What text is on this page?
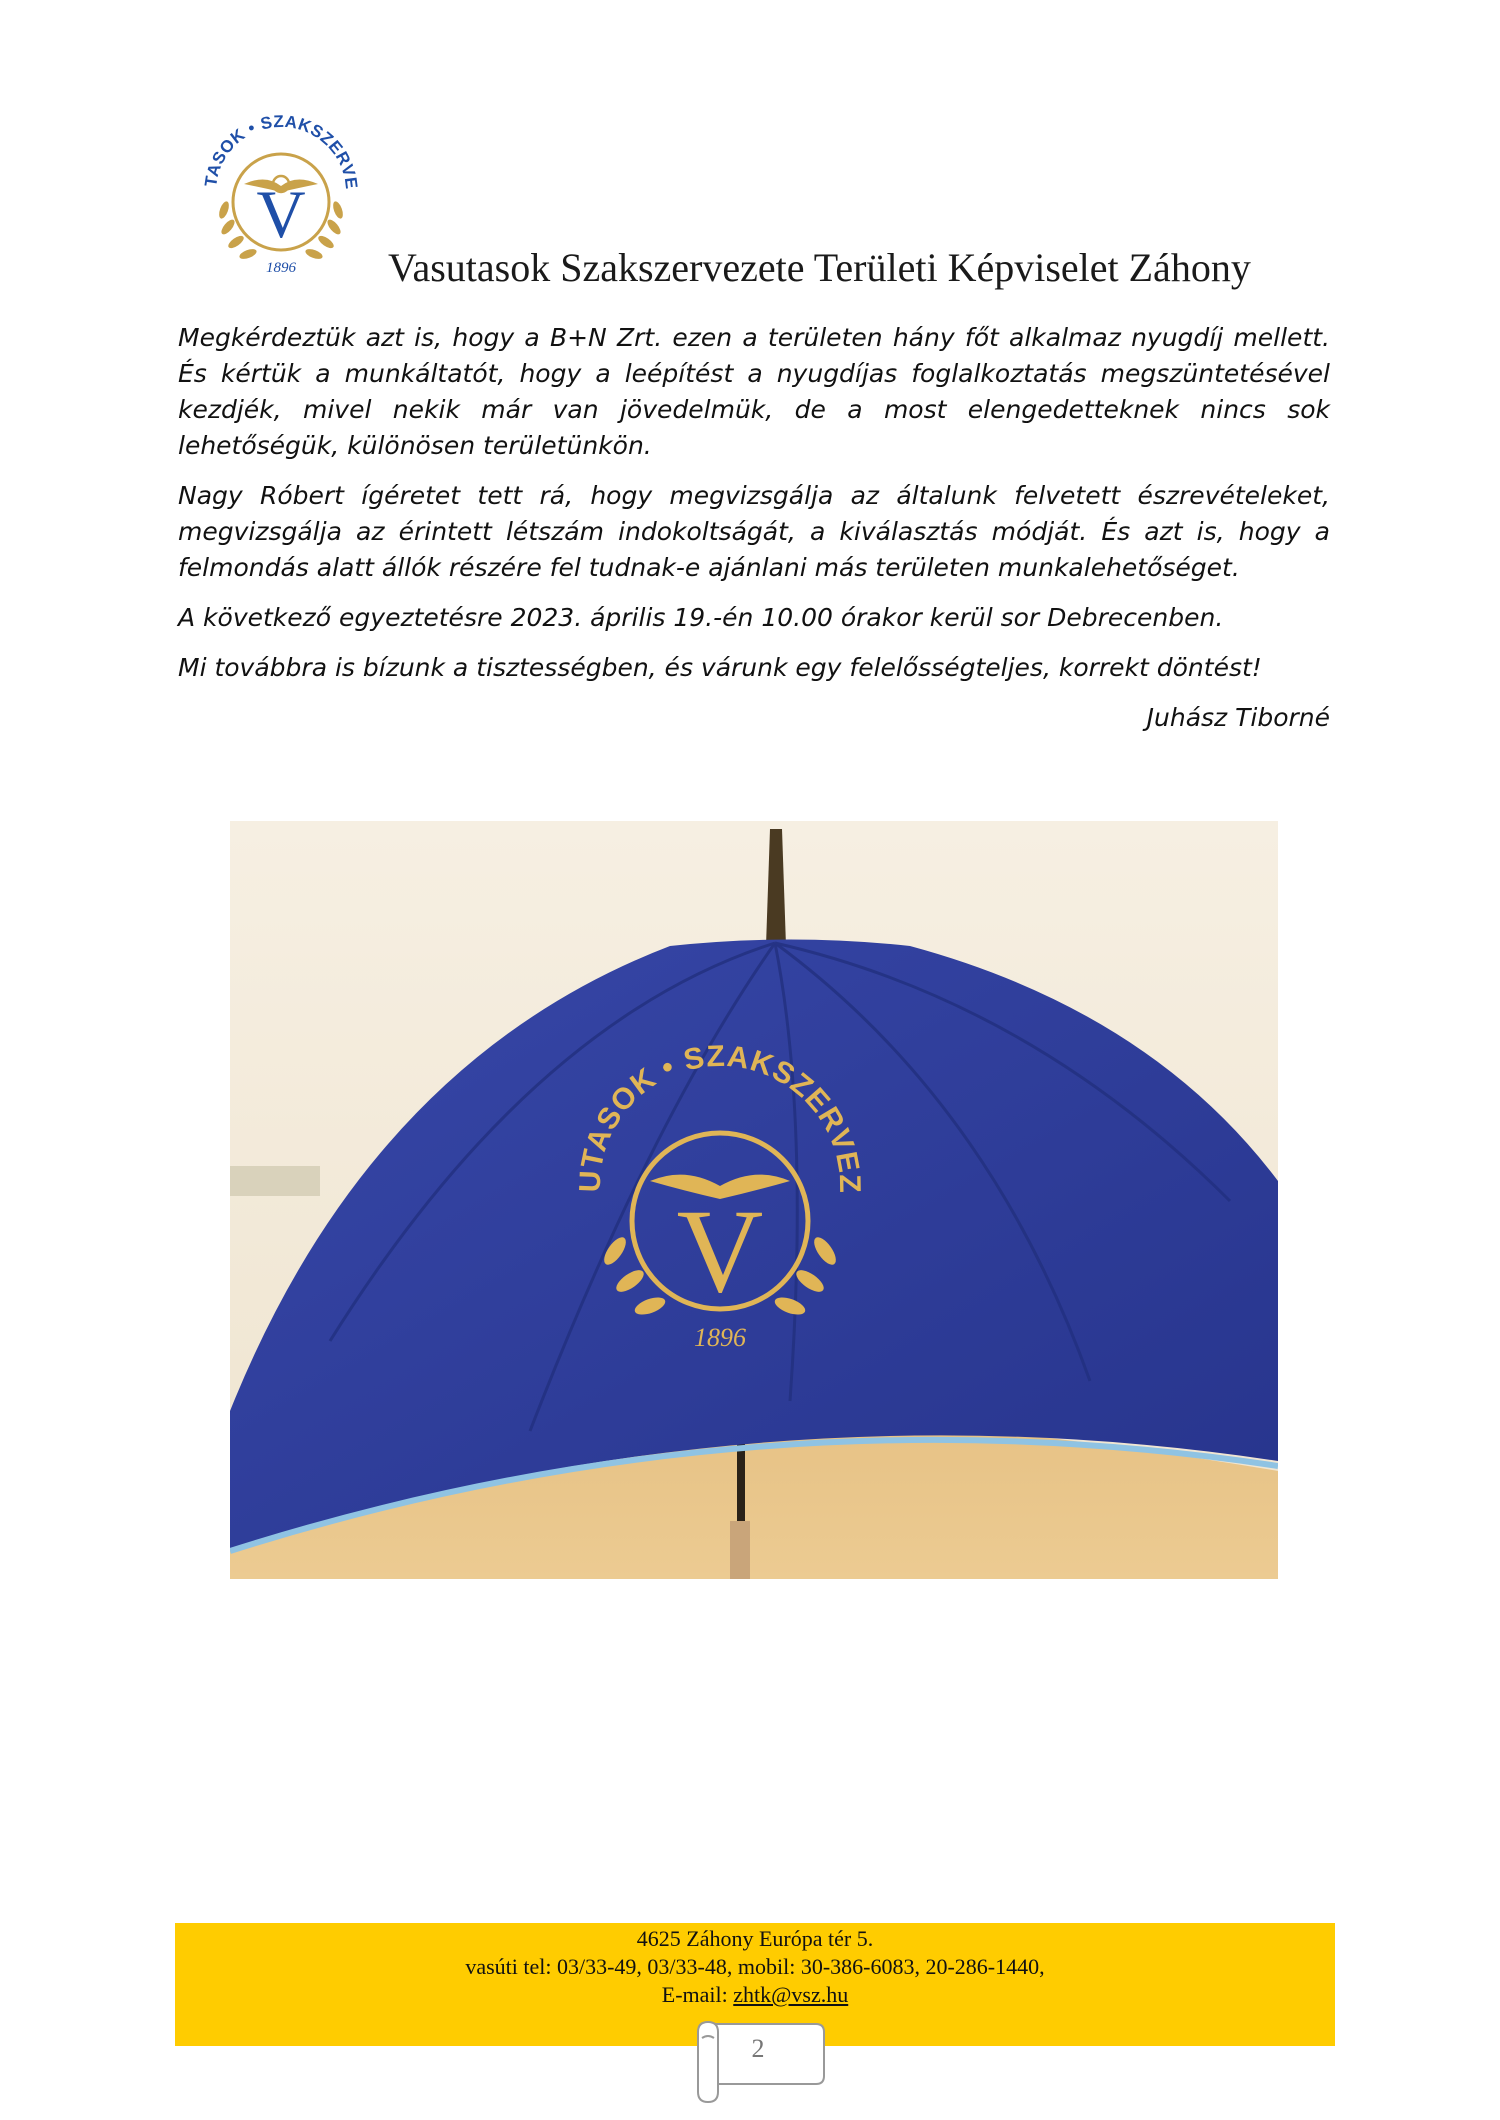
TASOK • SZAKSZERVE
V
1896 Vasutasok Szakszervezete Területi Képviselet Záhony

Megkérdeztük azt is, hogy a B+N Zrt. ezen a területen hány főt alkalmaz nyugdíj mellett. És kértük a munkáltatót, hogy a leépítést a nyugdíjas foglalkoztatás megszüntetésével kezdjék, mivel nekik már van jövedelmük, de a most elengedetteknek nincs sok lehetőségük, különösen területünkön.

Nagy Róbert ígéretet tett rá, hogy megvizsgálja az általunk felvetett észrevételeket, megvizsgálja az érintett létszám indokoltságát, a kiválasztás módját. És azt is, hogy a felmondás alatt állók részére fel tudnak-e ajánlani más területen munkalehetőséget.

A következő egyeztetésre 2023. április 19.-én 10.00 órakor kerül sor Debrecenben.

Mi továbbra is bízunk a tisztességben, és várunk egy felelősségteljes, korrekt döntést!

Juhász Tiborné

UTASOK • SZAKSZERVEZ
V
1896
4625 Záhony Európa tér 5.
vasúti tel: 03/33-49, 03/33-48, mobil: 30-386-6083, 20-286-1440,
E-mail: zhtk@vsz.hu
2
